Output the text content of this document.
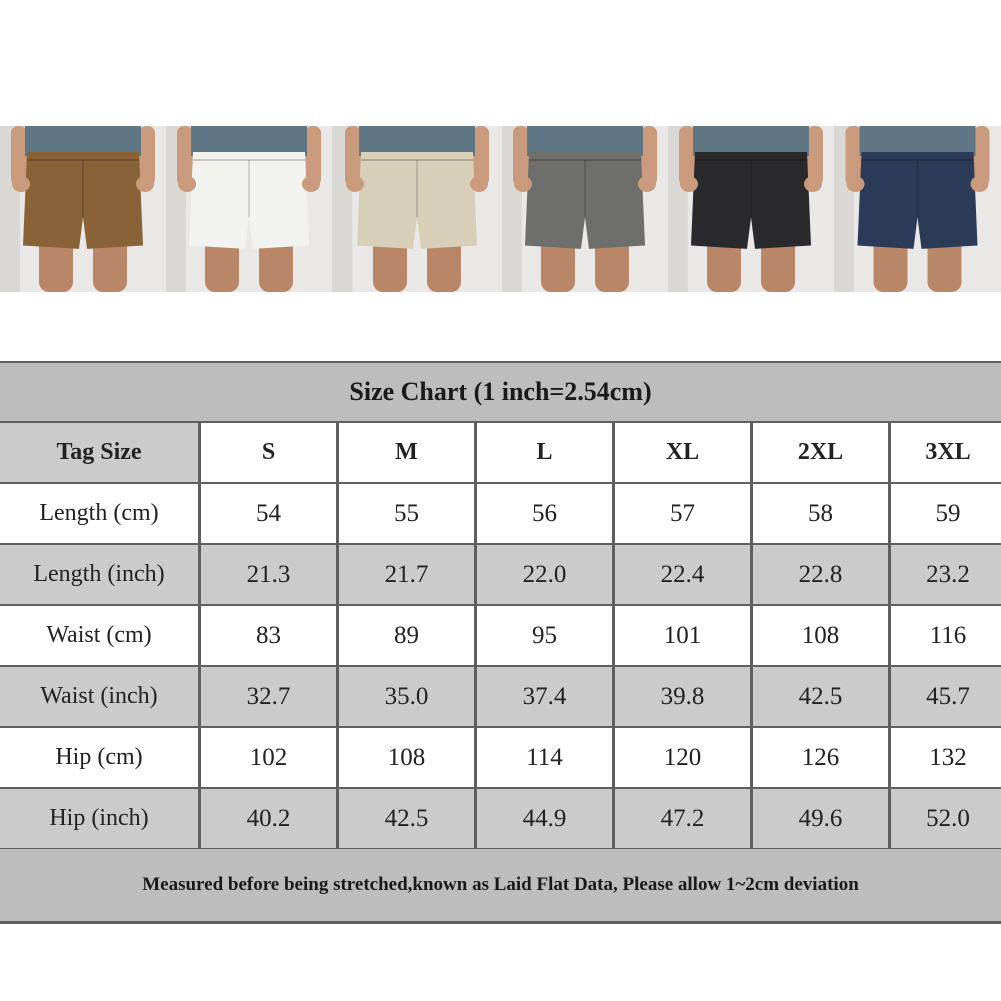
Size Chart (1 inch=2.54cm)
Tag Size	S	M	L	XL	2XL	3XL
Length (cm)	54	55	56	57	58	59
Length (inch)	21.3	21.7	22.0	22.4	22.8	23.2
Waist (cm)	83	89	95	101	108	116
Waist (inch)	32.7	35.0	37.4	39.8	42.5	45.7
Hip (cm)	102	108	114	120	126	132
Hip (inch)	40.2	42.5	44.9	47.2	49.6	52.0
Measured before being stretched,known as Laid Flat Data, Please allow 1~2cm deviation
